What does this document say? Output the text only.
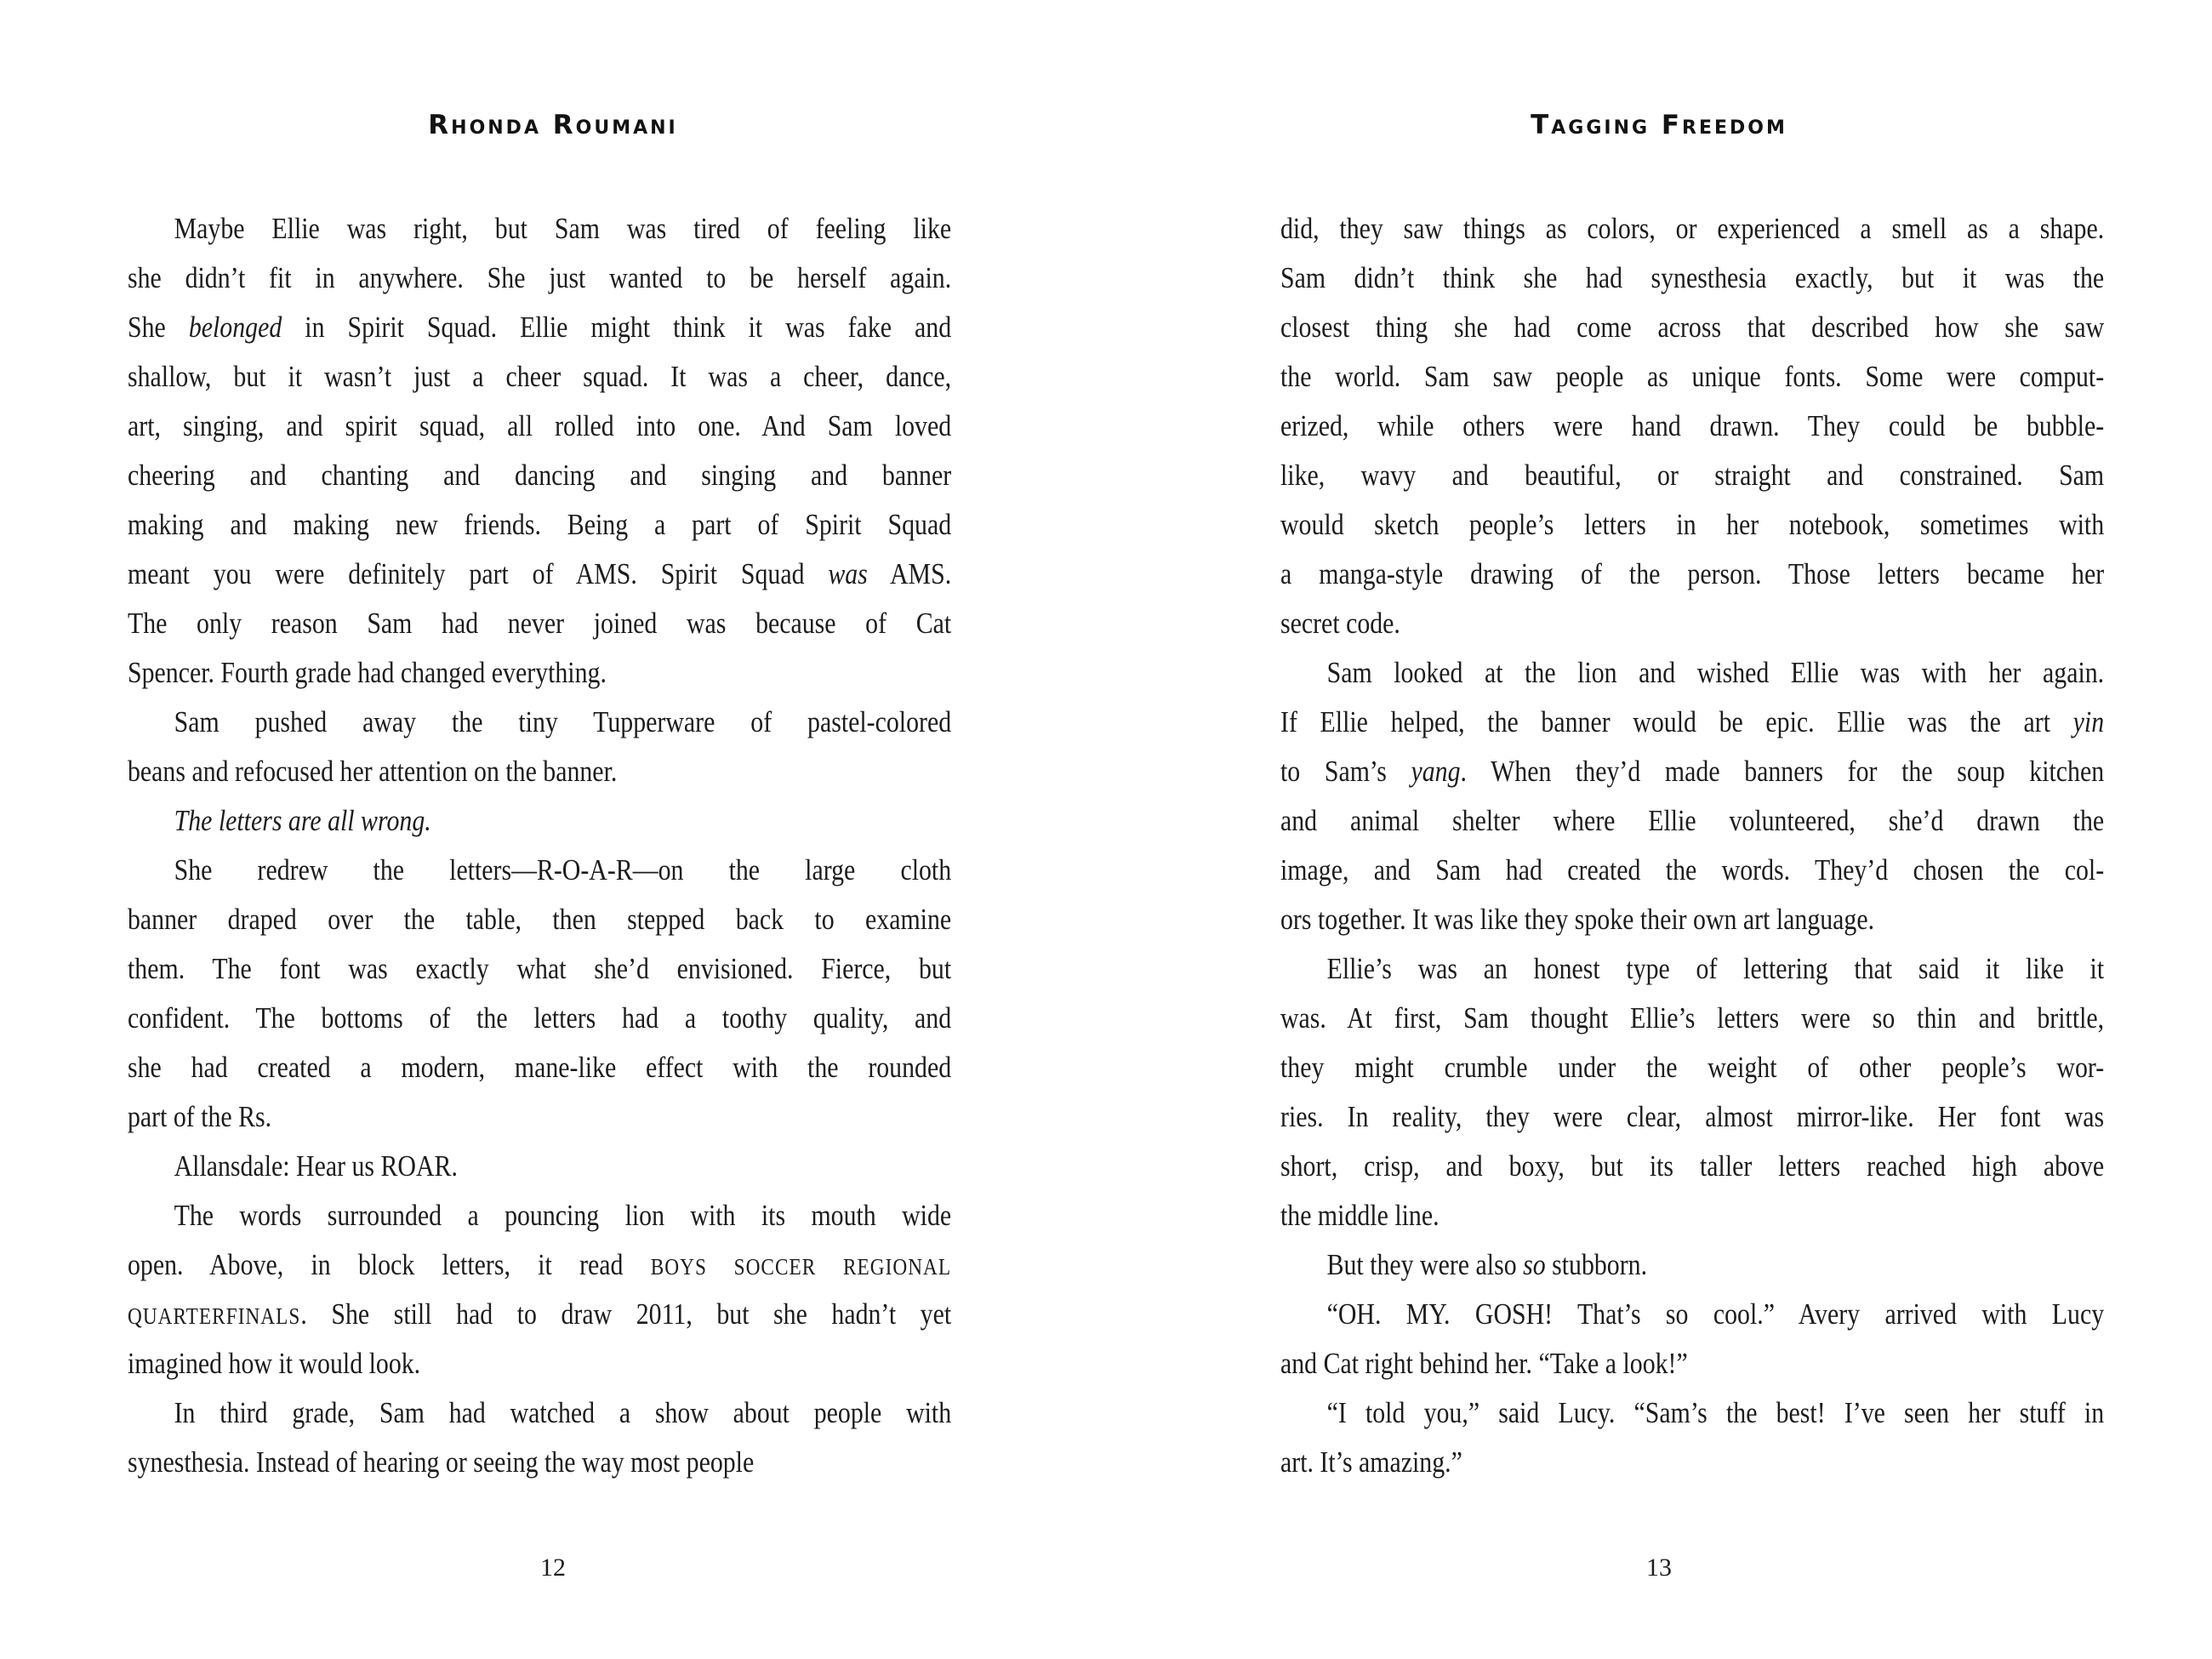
Rhonda Roumani
Maybe Ellie was right, but Sam was tired of feeling like
she didn’t fit in anywhere. She just wanted to be herself again.
She belonged in Spirit Squad. Ellie might think it was fake and
shallow, but it wasn’t just a cheer squad. It was a cheer, dance,
art, singing, and spirit squad, all rolled into one. And Sam loved
cheering and chanting and dancing and singing and banner
making and making new friends. Being a part of Spirit Squad
meant you were definitely part of AMS. Spirit Squad was AMS.
The only reason Sam had never joined was because of Cat
Spencer. Fourth grade had changed everything.
Sam pushed away the tiny Tupperware of pastel-colored
beans and refocused her attention on the banner.
The letters are all wrong.
She redrew the letters—R-O-A-R—on the large cloth
banner draped over the table, then stepped back to examine
them. The font was exactly what she’d envisioned. Fierce, but
confident. The bottoms of the letters had a toothy quality, and
she had created a modern, mane-like effect with the rounded
part of the Rs.
Allansdale: Hear us ROAR.
The words surrounded a pouncing lion with its mouth wide
open. Above, in block letters, it read BOYS SOCCER REGIONAL
QUARTERFINALS. She still had to draw 2011, but she hadn’t yet
imagined how it would look.
In third grade, Sam had watched a show about people with
synesthesia. Instead of hearing or seeing the way most people
12
Tagging Freedom
did, they saw things as colors, or experienced a smell as a shape.
Sam didn’t think she had synesthesia exactly, but it was the
closest thing she had come across that described how she saw
the world. Sam saw people as unique fonts. Some were comput-
erized, while others were hand drawn. They could be bubble-
like, wavy and beautiful, or straight and constrained. Sam
would sketch people’s letters in her notebook, sometimes with
a manga-style drawing of the person. Those letters became her
secret code.
Sam looked at the lion and wished Ellie was with her again.
If Ellie helped, the banner would be epic. Ellie was the art yin
to Sam’s yang. When they’d made banners for the soup kitchen
and animal shelter where Ellie volunteered, she’d drawn the
image, and Sam had created the words. They’d chosen the col-
ors together. It was like they spoke their own art language.
Ellie’s was an honest type of lettering that said it like it
was. At first, Sam thought Ellie’s letters were so thin and brittle,
they might crumble under the weight of other people’s wor-
ries. In reality, they were clear, almost mirror-like. Her font was
short, crisp, and boxy, but its taller letters reached high above
the middle line.
But they were also so stubborn.
“OH. MY. GOSH! That’s so cool.” Avery arrived with Lucy
and Cat right behind her. “Take a look!”
“I told you,” said Lucy. “Sam’s the best! I’ve seen her stuff in
art. It’s amazing.”
13
